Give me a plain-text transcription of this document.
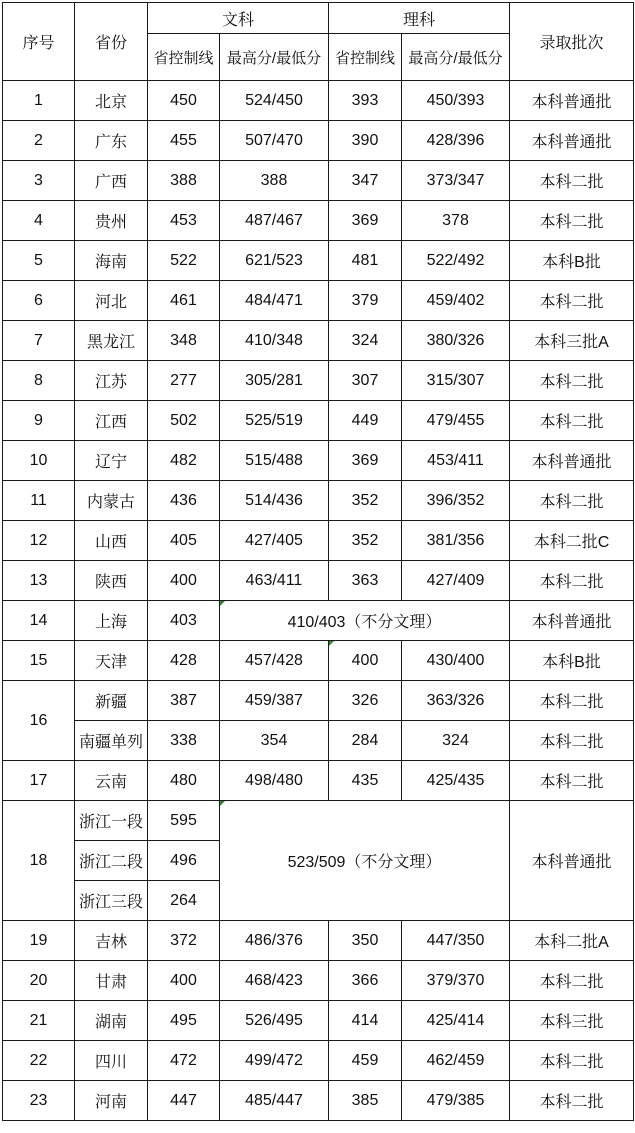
序号	省份	文科		理科		录取批次
		省控制线	最高分/最低分	省控制线	最高分/最低分	
1	北京	450	524/450	393	450/393	本科普通批
2	广东	455	507/470	390	428/396	本科普通批
3	广西	388	388	347	373/347	本科二批
4	贵州	453	487/467	369	378	本科二批
5	海南	522	621/523	481	522/492	本科B批
6	河北	461	484/471	379	459/402	本科二批
7	黑龙江	348	410/348	324	380/326	本科三批A
8	江苏	277	305/281	307	315/307	本科二批
9	江西	502	525/519	449	479/455	本科二批
10	辽宁	482	515/488	369	453/411	本科普通批
11	内蒙古	436	514/436	352	396/352	本科二批
12	山西	405	427/405	352	381/356	本科二批C
13	陕西	400	463/411	363	427/409	本科二批
14	上海	403	410/403（不分文理）			本科普通批
15	天津	428	457/428	400	430/400	本科B批
16	新疆	387	459/387	326	363/326	本科二批
	南疆单列	338	354	284	324	本科二批
17	云南	480	498/480	435	425/435	本科二批
18	浙江一段	595	523/509（不分文理）			本科普通批
	浙江二段	496				
	浙江三段	264				
19	吉林	372	486/376	350	447/350	本科二批A
20	甘肃	400	468/423	366	379/370	本科二批
21	湖南	495	526/495	414	425/414	本科三批
22	四川	472	499/472	459	462/459	本科二批
23	河南	447	485/447	385	479/385	本科二批
